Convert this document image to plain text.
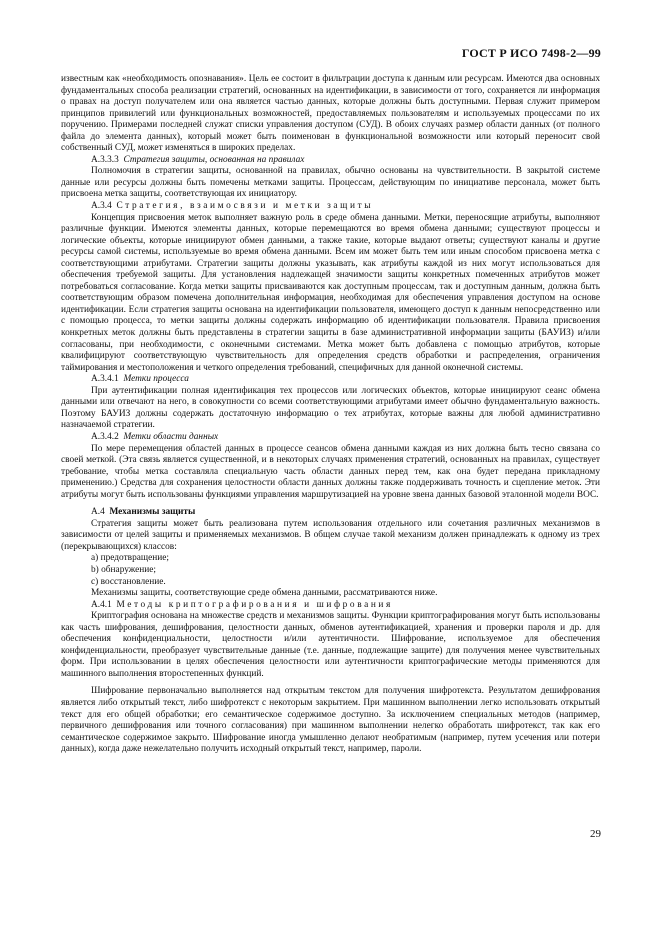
ГОСТ Р ИСО 7498-2—99

известным как «необходимость опознавания». Цель ее состоит в фильтрации доступа к данным или ресурсам. Имеются два основных фундаментальных способа реализации стратегий, основанных на идентификации, в зависимости от того, сохраняется ли информация о правах на доступ получателем или она является частью данных, которые должны быть доступными. Первая служит примером принципов привилегий или функциональных возможностей, предоставляемых пользователям и используемых процессами по их поручению. Примерами последней служат списки управления доступом (СУД). В обоих случаях размер области данных (от полного файла до элемента данных), который может быть поименован в функциональной возможности или который переносит свой собственный СУД, может изменяться в широких пределах.

А.3.3.3 Стратегия защиты, основанная на правилах

Полномочия в стратегии защиты, основанной на правилах, обычно основаны на чувствительности. В закрытой системе данные или ресурсы должны быть помечены метками защиты. Процессам, действующим по инициативе персонала, может быть присвоена метка защиты, соответствующая их инициатору.

А.3.4 Стратегия, взаимосвязи и метки защиты

Концепция присвоения меток выполняет важную роль в среде обмена данными. Метки, переносящие атрибуты, выполняют различные функции. Имеются элементы данных, которые перемещаются во время обмена данными; существуют процессы и логические объекты, которые инициируют обмен данными, а также такие, которые выдают ответы; существуют каналы и другие ресурсы самой системы, используемые во время обмена данными. Всем им может быть тем или иным способом присвоена метка с соответствующими атрибутами. Стратегии защиты должны указывать, как атрибуты каждой из них могут использоваться для обеспечения требуемой защиты. Для установления надлежащей значимости защиты конкретных помеченных атрибутов может потребоваться согласование. Когда метки защиты присваиваются как доступным процессам, так и доступным данным, должна быть соответствующим образом помечена дополнительная информация, необходимая для обеспечения управления доступом на основе идентификации. Если стратегия защиты основана на идентификации пользователя, имеющего доступ к данным непосредственно или с помощью процесса, то метки защиты должны содержать информацию об идентификации пользователя. Правила присвоения конкретных меток должны быть представлены в стратегии защиты в базе административной информации защиты (БАУИЗ) и/или согласованы, при необходимости, с оконечными системами. Метка может быть добавлена с помощью атрибутов, которые квалифицируют соответствующую чувствительность для определения средств обработки и распределения, ограничения таймирования и местоположения и четкого определения требований, специфичных для данной оконечной системы.

А.3.4.1 Метки процесса

При аутентификации полная идентификация тех процессов или логических объектов, которые инициируют сеанс обмена данными или отвечают на него, в совокупности со всеми соответствующими атрибутами имеет обычно фундаментальную важность. Поэтому БАУИЗ должны содержать достаточную информацию о тех атрибутах, которые важны для любой административно назначаемой стратегии.

А.3.4.2 Метки области данных

По мере перемещения областей данных в процессе сеансов обмена данными каждая из них должна быть тесно связана со своей меткой. (Эта связь является существенной, и в некоторых случаях применения стратегий, основанных на правилах, существует требование, чтобы метка составляла специальную часть области данных перед тем, как она будет передана прикладному применению.) Средства для сохранения целостности области данных должны также поддерживать точность и сцепление меток. Эти атрибуты могут быть использованы функциями управления маршрутизацией на уровне звена данных базовой эталонной модели ВОС.

А.4 Механизмы защиты

Стратегия защиты может быть реализована путем использования отдельного или сочетания различных механизмов в зависимости от целей защиты и применяемых механизмов. В общем случае такой механизм должен принадлежать к одному из трех (перекрывающихся) классов:

a) предотвращение;

b) обнаружение;

c) восстановление.

Механизмы защиты, соответствующие среде обмена данными, рассматриваются ниже.

А.4.1 Методы криптографирования и шифрования

Криптография основана на множестве средств и механизмов защиты. Функции криптографирования могут быть использованы как часть шифрования, дешифрования, целостности данных, обменов аутентификацией, хранения и проверки пароля и др. для обеспечения конфиденциальности, целостности и/или аутентичности. Шифрование, используемое для обеспечения конфиденциальности, преобразует чувствительные данные (т.е. данные, подлежащие защите) для получения менее чувствительных форм. При использовании в целях обеспечения целостности или аутентичности криптографические методы применяются для машинного выполнения второстепенных функций.

Шифрование первоначально выполняется над открытым текстом для получения шифротекста. Результатом дешифрования является либо открытый текст, либо шифротекст с некоторым закрытием. При машинном выполнении легко использовать открытый текст для его общей обработки; его семантическое содержимое доступно. За исключением специальных методов (например, первичного дешифрования или точного согласования) при машинном выполнении нелегко обработать шифротекст, так как его семантическое содержимое закрыто. Шифрование иногда умышленно делают необратимым (например, путем усечения или потери данных), когда даже нежелательно получить исходный открытый текст, например, пароли.

29
